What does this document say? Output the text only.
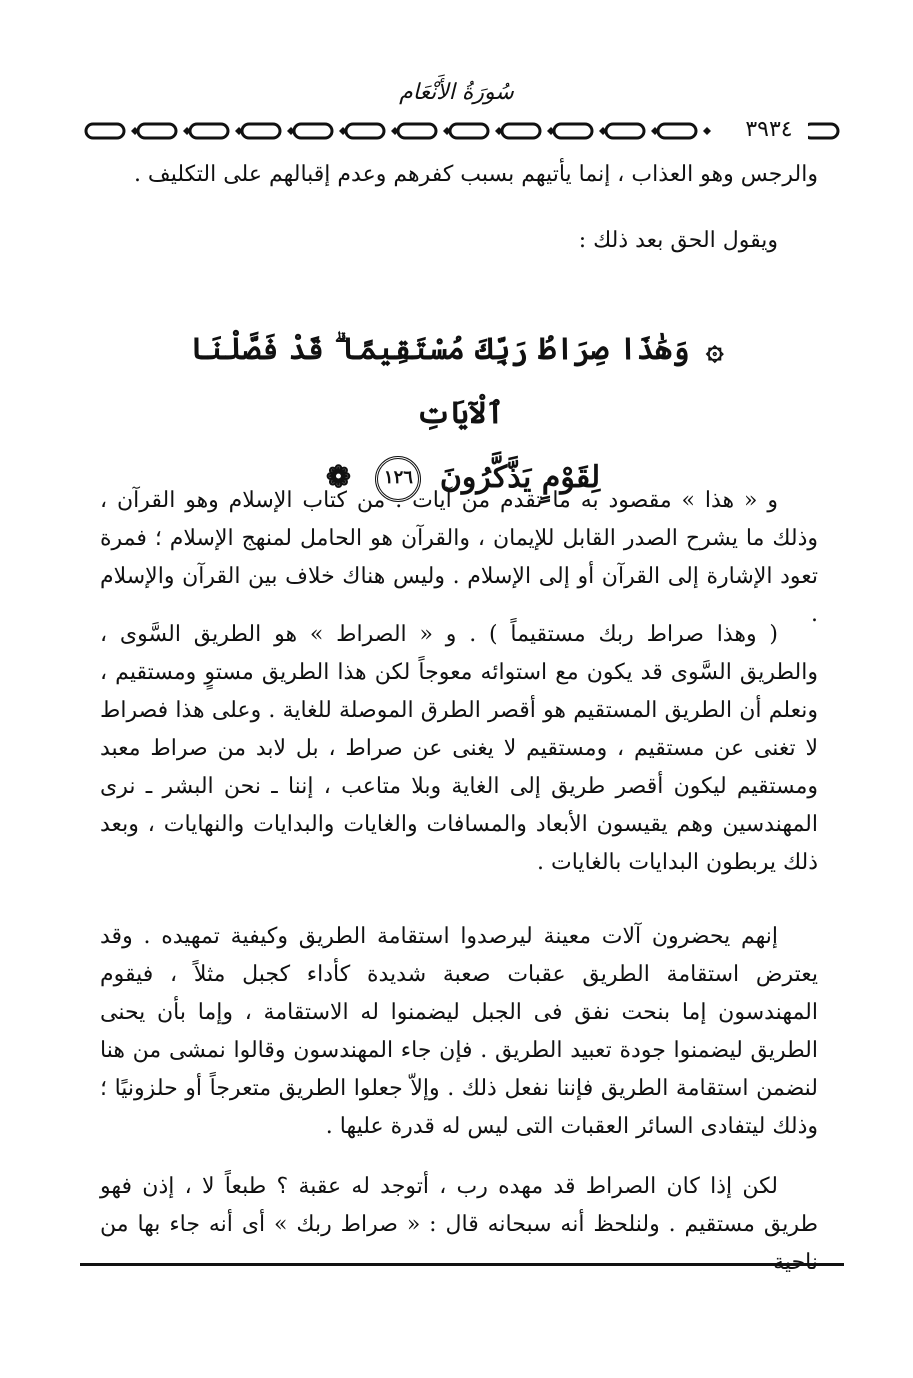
سُورَةُ الأَنْعَام
٣٩٣٤
والرجس وهو العذاب ، إنما يأتيهم بسبب كفرهم وعدم إقبالهم على التكليف .
ويقول الحق بعد ذلك :
۞ وَهَٰذَا صِرَاطُ رَبِّكَ مُسْتَقِيمًا ۗ قَدْ فَصَّلْنَا ٱلْآيَاتِ
لِقَوْمٍ يَذَّكَّرُونَ ١٢٦ ❁
و « هذا » مقصود به ما تقدم من آيات . من كتاب الإسلام وهو القرآن ، وذلك ما يشرح الصدر القابل للإيمان ، والقرآن هو الحامل لمنهج الإسلام ؛ فمرة تعود الإشارة إلى القرآن أو إلى الإسلام . وليس هناك خلاف بين القرآن والإسلام .
( وهذا صراط ربك مستقيماً ) . و « الصراط » هو الطريق السَّوى ، والطريق السَّوى قد يكون مع استوائه معوجاً لكن هذا الطريق مستوٍ ومستقيم ، ونعلم أن الطريق المستقيم هو أقصر الطرق الموصلة للغاية . وعلى هذا فصراط لا تغنى عن مستقيم ، ومستقيم لا يغنى عن صراط ، بل لابد من صراط معبد ومستقيم ليكون أقصر طريق إلى الغاية وبلا متاعب ، إننا ـ نحن البشر ـ نرى المهندسين وهم يقيسون الأبعاد والمسافات والغايات والبدايات والنهايات ، وبعد ذلك يربطون البدايات بالغايات .
إنهم يحضرون آلات معينة ليرصدوا استقامة الطريق وكيفية تمهيده . وقد يعترض استقامة الطريق عقبات صعبة شديدة كأداء كجبل مثلاً ، فيقوم المهندسون إما بنحت نفق فى الجبل ليضمنوا له الاستقامة ، وإما بأن يحنى الطريق ليضمنوا جودة تعبيد الطريق . فإن جاء المهندسون وقالوا نمشى من هنا لنضمن استقامة الطريق فإننا نفعل ذلك . وإلاّ جعلوا الطريق متعرجاً أو حلزونيًا ؛ وذلك ليتفادى السائر العقبات التى ليس له قدرة عليها .
لكن إذا كان الصراط قد مهده رب ، أتوجد له عقبة ؟ طبعاً لا ، إذن فهو طريق مستقيم . ولنلحظ أنه سبحانه قال : « صراط ربك » أى أنه جاء بها من
